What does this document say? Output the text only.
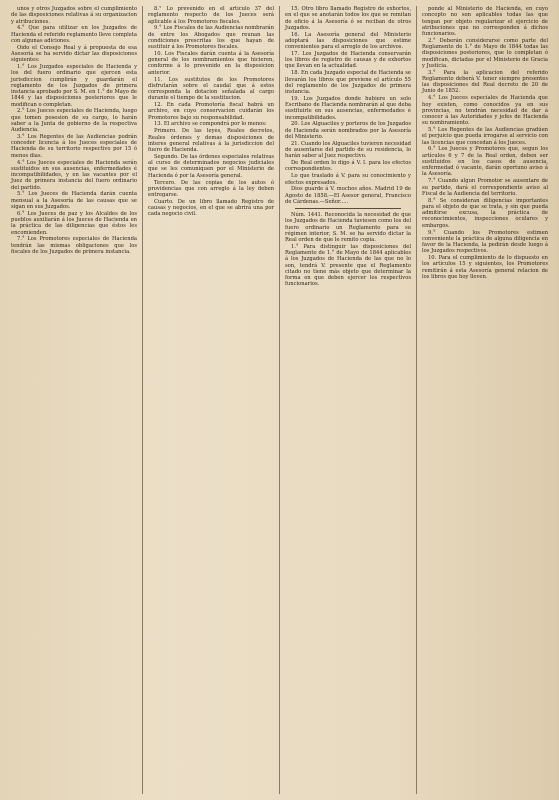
unos y otros Juzgados sobre el cumplimiento de las disposiciones relativas á su organizacion y atribuciones.

4.° Que para utilizar en los Juzgados de Hacienda el referido reglamento lleve completa con algunas adiciones.

Oido el Consejo Real y á propuesta de esa Asesoría se ha servido dictar las disposiciones siguientes:

1.° Los Juzgados especiales de Hacienda y los del fuero ordinario que ejercen esta jurisdiccion cumplirán y guardarán el reglamento de los Juzgados de primera instancia aprobado por S. M. en 1.° de Mayo de 1844 y las disposiciones posteriores que le modifican o completan.

2.° Los Jueces especiales de Hacienda, luego que tomen posesion de su cargo, lo harán saber a la Junta de gobierno de la respectiva Audiencia.

3.° Los Regentes de las Audiencias podrán conceder licencia á los Jueces especiales de Hacienda de su territorio respectivo por 15 ó menos dias.

4.° Los Jueces especiales de Hacienda serán sustituidos en sus ausencias, enfermedades é incompatibilidades, y en las vacantes por el Juez de primera instancia del fuero ordinario del partido.

5.° Los Jueces de Hacienda darán cuenta mensual a la Asesoría de las causas que se sigan en sus Juzgados.

6.° Los Jueces de paz y los Alcaldes de los pueblos auxiliarán á los Jueces de Hacienda en la práctica de las diligencias que éstos les encomienden.

7.° Los Promotores especiales de Hacienda tendrán las mismas obligaciones que los fiscales de los Juzgados de primera instancia.

8.° Lo prevenido en el artículo 37 del reglamento respecto de los Jueces será aplicable á los Promotores fiscales.

9.° Los Fiscales de las Audiencias nombrarán de entre los Abogados que reunan las condiciones prescritas los que hayan de sustituir á los Promotores fiscales.

10. Los Fiscales darán cuenta á la Asesoría general de los nombramientos que hicieren, conforme á lo prevenido en la disposicion anterior.

11. Los sustitutos de los Promotores disfrutarán sobre el caudal que á estos corresponda la dotacion señalada al cargo durante el tiempo de la sustitucion.

12. En cada Promotoría fiscal habrá un archivo, en cuyo conservacion cuidarán los Promotores bajo su responsabilidad.

13. El archivo se compondrá por lo menos:

Primero. De las leyes, Reales decretos, Reales órdenes y demas disposiciones de interes general relativas á la jurisdiccion del fuero de Hacienda.

Segundo. De las órdenes especiales relativas al curso de determinados negocios judiciales que se les comuniquen por el Ministerio de Hacienda ó por la Asesoría general.

Tercero. De las copias de los autos ó providencias que con arreglo á la ley deben entregarse.

Cuarto. De un libro llamado Registro de causas y negocios, en el que se abrirá una por cada negocio civil.

15. Otro libro llamado Registro de exhortos, en el que se anotarán todos los que se remitan de oficio á la Asesoría ó se reciban de otros Juzgados.

16. La Asesoría general del Ministerio adoptará las disposiciones que estime convenientes para el arreglo de los archivos.

17. Los Juzgados de Hacienda conservarán los libros de registro de causas y de exhortos que llevan en la actualidad.

18. En cada Juzgado especial de Hacienda se llevarán los libros que previene el artículo 55 del reglamento de los Juzgados de primera instancia.

19. Los Juzgados donde hubiere un solo Escribano de Hacienda nombrarán al que deba sustituirle en sus ausencias, enfermedades é incompatibilidades.

20. Los Alguaciles y porteros de los Juzgados de Hacienda serán nombrados por la Asesoría del Ministerio.

21. Cuando los Alguaciles tuvieren necesidad de ausentarse del partido de su residencia, lo harán saber al Juez respectivo.

De Real orden lo digo á V. I. para los efectos correspondientes.

Lo que traslado á V. para su conocimiento y efectos expresados.

Dios guarde á V. muchos años. Madrid 19 de Agosto de 1858.—El Asesor general, Francisco de Cárdenas.—Señor.....

Núm. 1441. Reconocida la necesidad de que los Juzgados de Hacienda tuviesen como los del fuero ordinario un Reglamento para su régimen interior, S. M. se ha servido dictar la Real orden de que le remito copia.

1.° Para distinguir las disposiciones del Reglamento de 1.° de Mayo de 1844 aplicables á los Juzgados de Hacienda de las que no lo son, tendrá V. presente que el Reglamento citado no tiene más objeto que determinar la forma en que deben ejercer los respectivos funcionarios.

ponde al Ministerio de Hacienda, en cuyo concepto no son aplicables todas las que tengan por objeto regularizar el ejercicio de atribuciones que no corresponden á dichos funcionarios.

2.° Deberán considerarse como parte del Reglamento de 1.° de Mayo de 1844 todas las disposiciones posteriores, que lo completan ó modifican, dictadas por el Ministerio de Gracia y Justicia.

3.° Para la aplicacion del referido Reglamento deberá V. tener siempre presentes las disposiciones del Real decreto de 20 de Junio de 1852.

4.° Los Jueces especiales de Hacienda que hoy existen, como conocidos ya en sus provincias, no tendrán necesidad de dar á conocer á las Autoridades y jefes de Hacienda su nombramiento.

5.° Los Regentes de las Audiencias gradúen el perjuicio que pueda irrogarse al servicio con las licencias que concedan á los Jueces.

6.° Los Jueces y Promotores que, segun los artículos 6 y 7 de la Real orden, deben ser sustituidos en los casos de ausencia, enfermedad ó vacante, darán oportuno aviso á la Asesoría.

7.° Cuando algun Promotor se ausentare de su partido, dará el correspondiente aviso al Fiscal de la Audiencia del territorio.

8.° Se consideran diligencias importantes para el objeto de que se trata, y sin que pueda admitirse excusa, la práctica de reconocimientos, inspecciones oculares y embargos.

9.° Cuando los Promotores estimen conveniente la práctica de alguna diligencia en favor de la Hacienda, la pedirán desde luego á los Juzgados respectivos.

10. Para el cumplimiento de lo dispuesto en los artículos 15 y siguientes, los Promotores remitirán á esta Asesoría general relacion de los libros que hoy lleven.
